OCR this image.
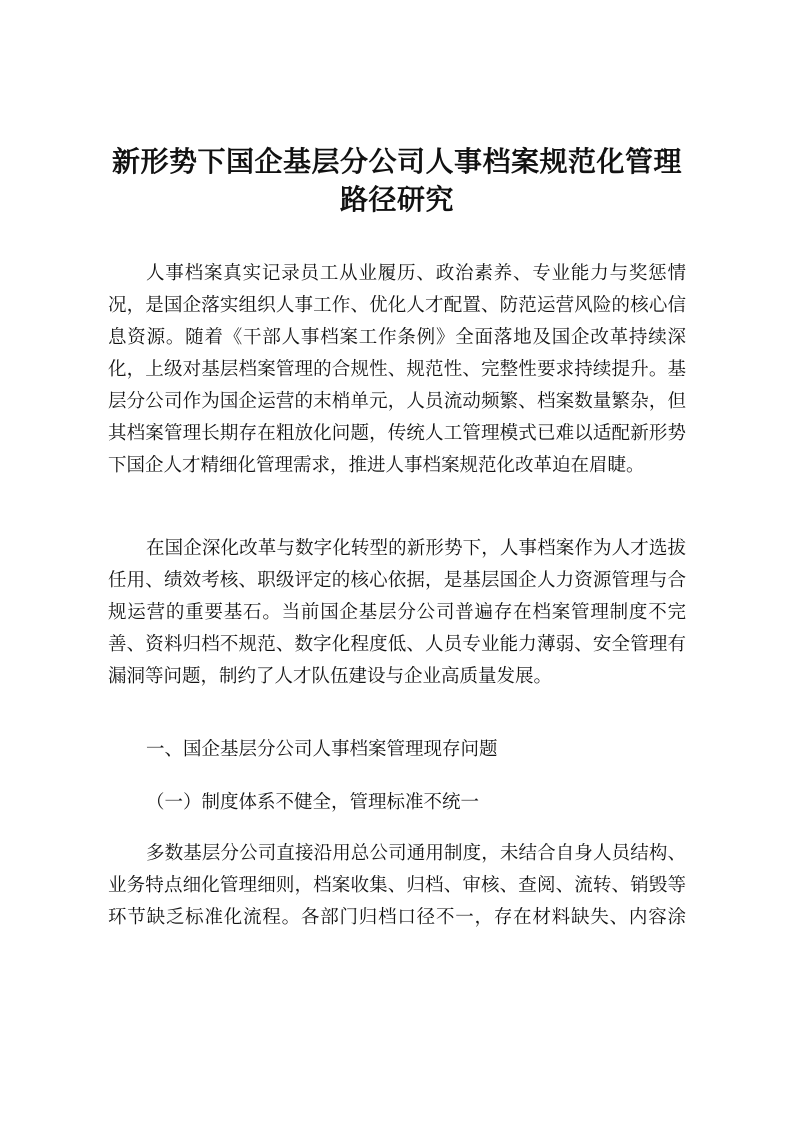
新形势下国企基层分公司人事档案规范化管理
路径研究
人事档案真实记录员工从业履历、政治素养、专业能力与奖惩情
况，是国企落实组织人事工作、优化人才配置、防范运营风险的核心信
息资源。随着《干部人事档案工作条例》全面落地及国企改革持续深
化，上级对基层档案管理的合规性、规范性、完整性要求持续提升。基
层分公司作为国企运营的末梢单元，人员流动频繁、档案数量繁杂，但
其档案管理长期存在粗放化问题，传统人工管理模式已难以适配新形势
下国企人才精细化管理需求，推进人事档案规范化改革迫在眉睫。
在国企深化改革与数字化转型的新形势下，人事档案作为人才选拔
任用、绩效考核、职级评定的核心依据，是基层国企人力资源管理与合
规运营的重要基石。当前国企基层分公司普遍存在档案管理制度不完
善、资料归档不规范、数字化程度低、人员专业能力薄弱、安全管理有
漏洞等问题，制约了人才队伍建设与企业高质量发展。
一、国企基层分公司人事档案管理现存问题
（一）制度体系不健全，管理标准不统一
多数基层分公司直接沿用总公司通用制度，未结合自身人员结构、
业务特点细化管理细则，档案收集、归档、审核、查阅、流转、销毁等
环节缺乏标准化流程。各部门归档口径不一，存在材料缺失、内容涂
